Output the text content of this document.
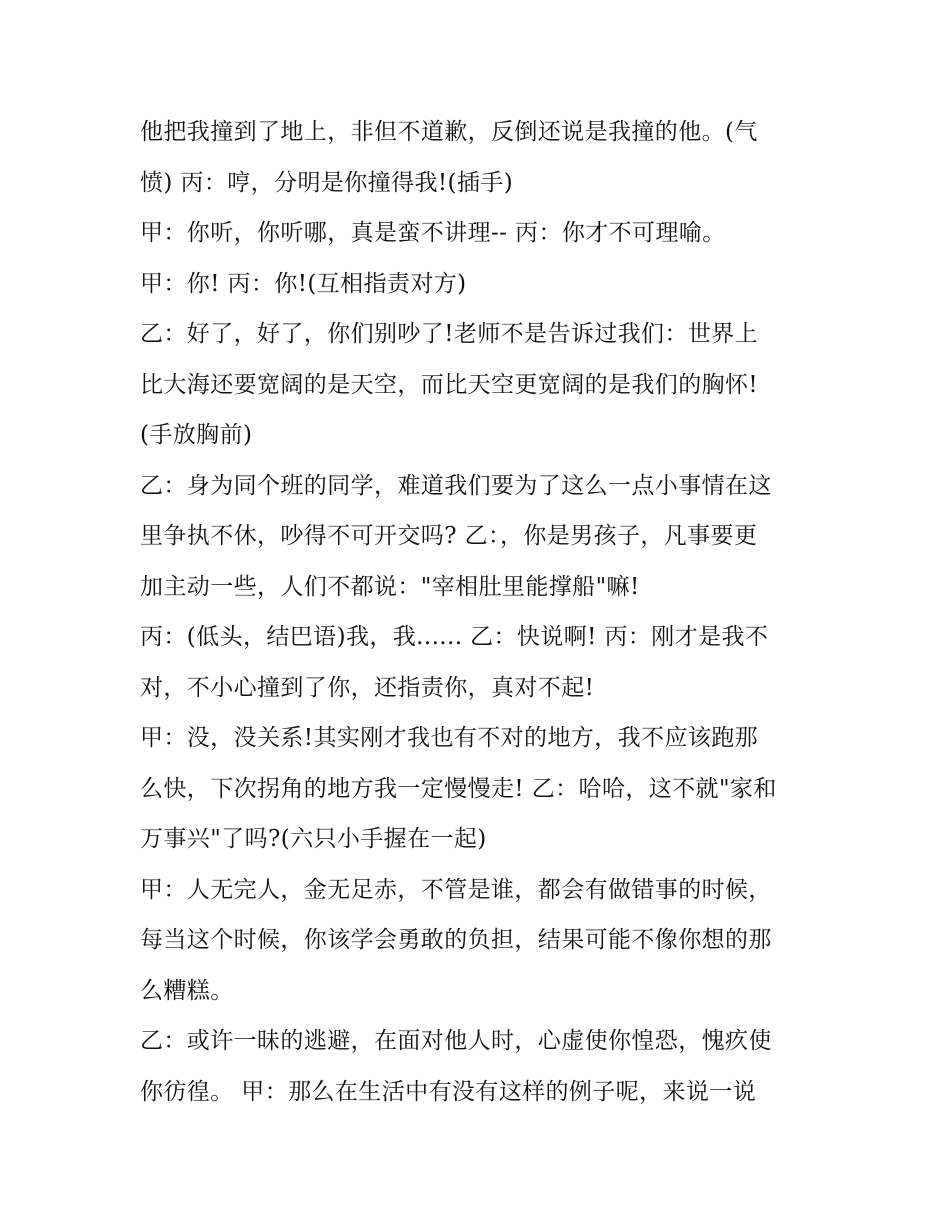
他把我撞到了地上，非但不道歉，反倒还说是我撞的他。(气
愤) 丙：哼，分明是你撞得我!(插手)
甲：你听，你听哪，真是蛮不讲理-- 丙：你才不可理喻。
甲：你! 丙：你!(互相指责对方)
乙：好了，好了，你们别吵了!老师不是告诉过我们：世界上
比大海还要宽阔的是天空，而比天空更宽阔的是我们的胸怀!
(手放胸前)
乙：身为同个班的同学，难道我们要为了这么一点小事情在这
里争执不休，吵得不可开交吗? 乙：，你是男孩子，凡事要更
加主动一些，人们不都说："宰相肚里能撑船"嘛!
丙：(低头，结巴语)我，我...... 乙：快说啊! 丙：刚才是我不
对，不小心撞到了你，还指责你，真对不起!
甲：没，没关系!其实刚才我也有不对的地方，我不应该跑那
么快，下次拐角的地方我一定慢慢走! 乙：哈哈，这不就"家和
万事兴"了吗?(六只小手握在一起)
甲：人无完人，金无足赤，不管是谁，都会有做错事的时候，
每当这个时候，你该学会勇敢的负担，结果可能不像你想的那
么糟糕。
乙：或许一昧的逃避，在面对他人时，心虚使你惶恐，愧疚使
你彷徨。 甲：那么在生活中有没有这样的例子呢，来说一说
